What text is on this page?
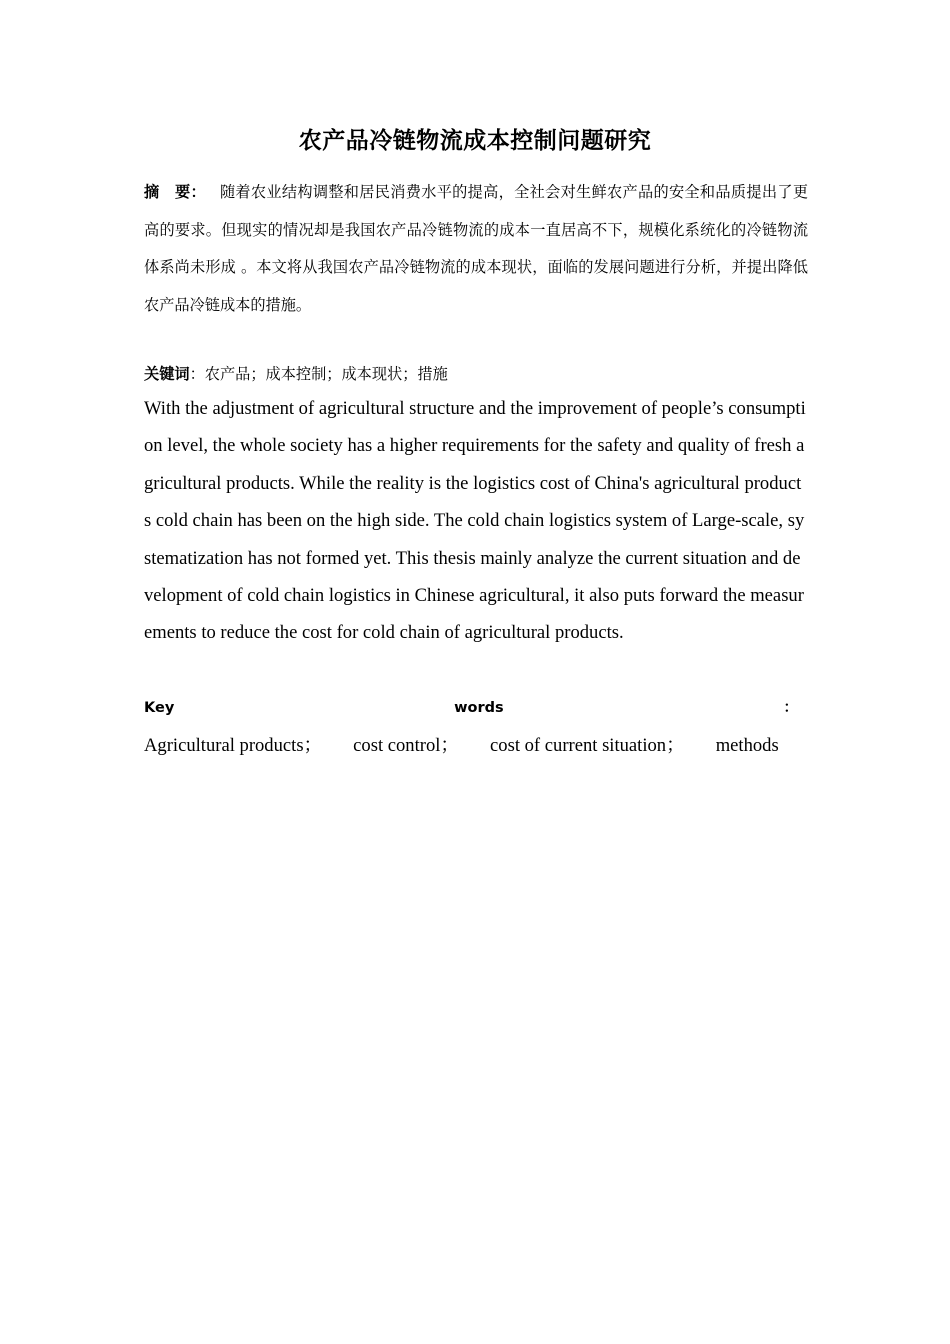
农产品冷链物流成本控制问题研究
摘　要： 随着农业结构调整和居民消费水平的提高，全社会对生鲜农产品的安全和品质提出了更高的要求。但现实的情况却是我国农产品冷链物流的成本一直居高不下，规模化系统化的冷链物流体系尚未形成 。本文将从我国农产品冷链物流的成本现状，面临的发展问题进行分析，并提出降低农产品冷链成本的措施。
关键词：农产品；成本控制；成本现状；措施
With the adjustment of agricultural structure and the improvement of people’s consumption level, the whole society has a higher requirements for the safety and quality of fresh agricultural products. While the reality is the logistics cost of China's agricultural products cold chain has been on the high side. The cold chain logistics system of Large-scale, systematization has not formed yet. This thesis mainly analyze the current situation and development of cold chain logistics in Chinese agricultural, it also puts forward the measurements to reduce the cost for cold chain of agricultural products.
Key	words	：
Agricultural products； cost control； cost of current situation； methods
